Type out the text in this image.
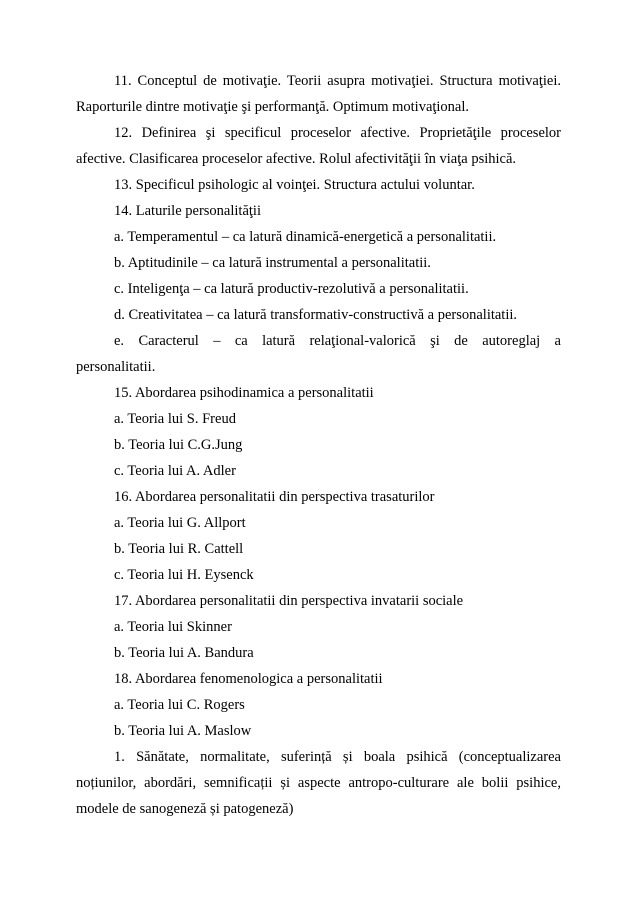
11. Conceptul de motivaţie. Teorii asupra motivaţiei. Structura motivaţiei.
Raporturile dintre motivaţie şi performanţă. Optimum motivaţional.
12. Definirea şi specificul proceselor afective. Proprietăţile proceselor
afective. Clasificarea proceselor afective. Rolul afectivităţii în viaţa psihică.
13. Specificul psihologic al voinţei. Structura actului voluntar.
14. Laturile personalităţii
a. Temperamentul – ca latură dinamică-energetică a personalitatii.
b. Aptitudinile – ca latură instrumental a personalitatii.
c. Inteligenţa – ca latură productiv-rezolutivă a personalitatii.
d. Creativitatea – ca latură transformativ-constructivă a personalitatii.
e. Caracterul – ca latură relaţional-valorică şi de autoreglaj a
personalitatii.
15. Abordarea psihodinamica a personalitatii
a. Teoria lui S. Freud
b. Teoria lui C.G.Jung
c. Teoria lui A. Adler
16. Abordarea personalitatii din perspectiva trasaturilor
a. Teoria lui G. Allport
b. Teoria lui R. Cattell
c. Teoria lui H. Eysenck
17. Abordarea personalitatii din perspectiva invatarii sociale
a. Teoria lui Skinner
b. Teoria lui A. Bandura
18. Abordarea fenomenologica a personalitatii
a. Teoria lui C. Rogers
b. Teoria lui A. Maslow
1. Sănătate, normalitate, suferință și boala psihică (conceptualizarea
noțiunilor, abordări, semnificații și aspecte antropo-culturare ale bolii psihice,
modele de sanogeneză și patogeneză)
